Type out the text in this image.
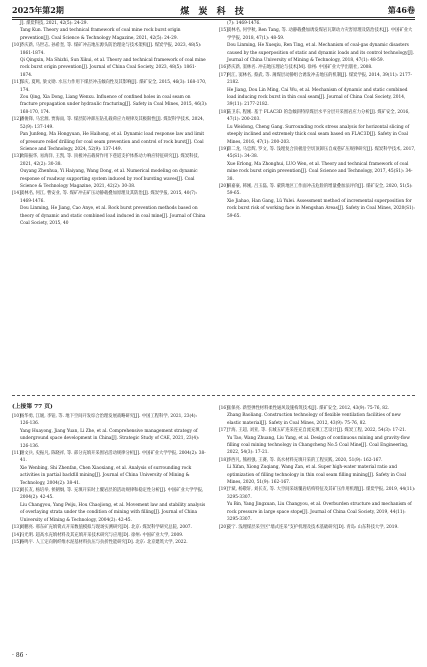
2025年第2期	煤 炭 科 技	第46卷

J]. 煤炭科技, 2021, 42(5): 24-29.

Tang Kun. Theory and technical framework of coal mine rock burst origin prevention[J]. Coal Science & Technology Magazine, 2021, 42(5): 24-29.

[10]齐庆新, 马世志, 孙希奎, 等. 煤矿冲击地压源头防治理论与技术架构[J]. 煤炭学报, 2023, 48(5): 1861-1874.

Qi Qingxin, Ma Shizhi, Sun Xikui, et al. Theory and technical framework of coal mine rock burst origin prevention[J]. Journal of China Coal Society, 2023, 48(5): 1861-1874.

[11]邹庆, 夏鸣, 梁文勋. 水压力作用下煤层冲击倾向性及其影响[J]. 煤矿安全, 2015, 46(3): 168-170, 174.

Zou Qing, Xia Dong, Liang Wenxu. Influence of confined holes in coal seam on fracture propagation under hydraulic fracturing[J]. Safety in Coal Mines, 2015, 46(3): 168-170, 174.

[12]潘俊锋, 马宏源, 贾海雨, 等. 煤层防冲卸压钻孔载荷应力规律及其极限性[J]. 煤炭科学技术, 2024, 52(9): 137-149.

Pan Junfeng, Ma Hongyuan, He Haihong, et al. Dynamic load response law and limit of pressure relief drilling for coal seam prevention and control of rock burst[J]. Coal Science and Technology, 2024, 52(9): 137-149.

[13]欧阳振华, 易海洋, 王凯, 等. 顶板冲击载荷作用下巷道支护体系动力响应特征研究[J]. 煤炭科技, 2021, 42(2): 30-38.

Ouyang Zhenhua, Yi Haiyang, Wang Dong, et al. Numerical modeling on dynamic response of roadway supporting system induced by roof bursting waves[J]. Coal Science & Technology Magazine, 2021, 42(2): 30-38.

[14]窦林名, 何江, 曹安业, 等. 煤矿冲击矿压动静载叠加原理及其防治[J]. 煤炭学报, 2015, 40(7): 1469-1476.

Dou Linming, He Jiang, Cao Anye, et al. Rock burst prevention methods based on theory of dynamic and static combined load induced in coal mine[J]. Journal of China Coal Society, 2015, 40

(7): 1469-1476.

[15]窦林名, 何学秋, Ren Tang, 等. 动静载叠加诱发煤岩瓦斯动力灾害原理及防治技术[J]. 中国矿业大学学报, 2018, 47(1): 48-59.

Dou Linming, He Xueqiu, Ren Ting, et al. Mechanism of coal-gas dynamic disasters caused by the superposition of static and dynamic loads and its control technology[J]. Journal of China University of Mining & Technology, 2018, 47(1): 48-59.

[16]齐庆新, 窦林名. 冲击地压理论与技术[M]. 徐州: 中国矿业大学出版社, 2008.

[17]何江, 窦林名, 蔡武, 等. 薄煤层动静组合诱发冲击地压的机制[J]. 煤炭学报, 2014, 39(11): 2177-2182.

He Jiang, Dou Lin Ming, Cai Wu, et al. Mechanism of dynamic and static combined load inducing rock burst in thin coal seam[J]. Journal of China Coal Society, 2014, 39(11): 2177-2182.

[18]陆卫东, 程刚. 基于 FLAC3D 的急倾斜特厚煤层水平分层开采围岩应力分析[J]. 煤矿安全, 2016, 47(1): 200-203.

Lu Weidong, Cheng Gang. Surrounding rock stress analysis for horizontal slicing of steeply inclined and extremely thick coal seam based on FLAC3D[J]. Safety in Coal Mines, 2016, 47(1): 200-203.

[19]薛二龙, 马忠辉, 罗文, 等. 浅埋复合顶板沿空切顶卸压自成巷矿压规律研究[J]. 煤炭科学技术, 2017, 45(S1): 34-38.

Xue Erlong, Ma Zhonghui, LUO Wen, et al. Theory and technical framework of coal mine rock burst origin prevention[J]. Coal Science and Technology, 2017, 45(S1): 34-38.

[20]解嘉豪, 韩刚, 吕玉磊, 等. 蒙陕地区工作面冲击危险的增量叠加法评价[J]. 煤矿安全, 2020, 51(5): 59-65.

Xie Jiahao, Han Gang, Lü Yulei. Assessment method of incremental superposition for rock burst risk of working face in Mengshan Areas[J]. Safety in Coal Mines, 2020(S1): 59-65.

(上接第 77 页)

[10]杨华勇, 江媛, 李铂, 等. 地下空间开发综合治理发展战略研究[J]. 中国工程科学, 2021, 23(4): 126-136.

Yang Huayong, Jiang Yuan, Li Zhe, et al. Comprehensive management strategy of underground space development in China[J]. Strategic Study of CAE, 2021, 23(4): 126-136.

[11]谢文兵, 史振凡, 陈晓祥, 等. 部分充填开采围岩活动规律分析[J]. 中国矿业大学学报, 2004(2): 38-41.

Xie Wenbing, Shi Zhenfan, Chen Xiaoxiang, et al. Analysis of surrounding rock activities in partial backfill mining[J]. Journal of China University of Mining & Technology, 2004(2): 38-41.

[12]刘长友, 杨培举, 侯朝炯, 等. 充填开采时上覆岩层的活动规律和稳定性分析[J]. 中国矿业大学学报, 2004(2): 42-45.

Liu Changyou, Yang Peiju, Hou Chaojiong, et al. Movement law and stability analysis of overlaying strata under the condition of mining with filling[J]. Journal of China University of Mining & Technology, 2004(2): 42-45.

[13]刘鹏亮. 邢东矿充填膏式开采数值模拟与现场实测研究[D]. 北京: 煤炭科学研究总院, 2007.

[14]冯光明. 超高水充填材料及其充填开采技术研究与应用[D]. 徐州: 中国矿业大学, 2009.

[15]路鸣宇. 人工定向钢纤维水泥基材料抗压与抗折性能研究[D]. 北京: 北京建筑大学, 2022.

[16]张保亮. 新型弹性材料柔性通风设施构筑技术[J]. 煤矿安全, 2012, 43(9): 75-76, 82.

Zhang Baoliang. Construction technology of flexible ventilation facilities of new elastic material[J]. Safety in Coal Mines, 2012, 43(9): 75-76, 82.

[17]于海, 王超, 刘亚, 等. 长城五矿连采连充自流充填工艺设计[J]. 煤炭工程, 2022, 54(3): 17-21.

Yu Tao, Wang Zhuang, Liu Yang, et al. Design of continuous mining and gravity-flow filling coal mining technology in Changcheng No.5 Coal Mine[J]. Coal Engineering, 2022, 54(3): 17-21.

[18]李西凡, 熊祖强, 王赛, 等. 高水材料充填开采的工程实践, 2020, 51(9): 162-167.

Li Xifan, Xiong Zuqiang, Wang Zan, et al. Super high-water material ratio and optimization of filling technology in thin coal seam filling mining[J]. Safety in Coal Mines, 2020, 51(9): 162-167.

[19]于斌, 杨敬轩, 刘长友, 等. 大空间采场覆岩结构特征及其矿压作用机理[J]. 煤炭学报, 2019, 44(11): 3295-3307.

Yu Bin, Yang Jingxuan, Liu Changyou, et al. Overburden structure and mechanism of rock pressure in large space stope[J]. Journal of China Coal Society, 2019, 44(11): 3295-3307.

[20]姜宁. 浅埋煤层采空区"墙式连采"支护机理及技术基础研究[D]. 青岛: 山东科技大学, 2019.

· 86 ·
